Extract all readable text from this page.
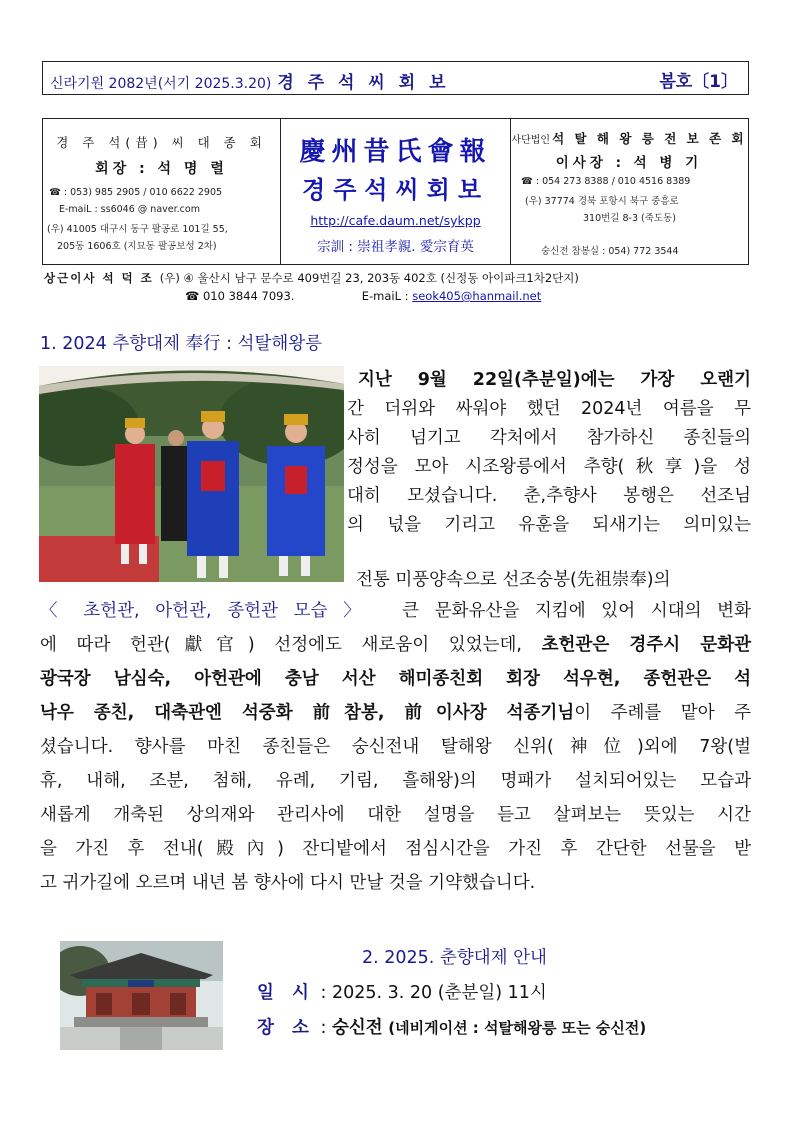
신라기원 2082년(서기 2025.3.20) 경 주 석 씨 회 보	봄호〔1〕
경 주 석(昔) 씨 대 종 회
회장 : 석 명 렬
☎ : 053) 985 2905 / 010 6622 2905
E-maiL : ss6046 @ naver.com
(우) 41005 대구시 동구 팔공로 101길 55,
205동 1606호 (지묘동 팔공보성 2차)
慶州昔氏會報
경주석씨회보
http://cafe.daum.net/sykpp
宗訓 : 崇祖孝親. 愛宗育英
사단법인 석 탈 해 왕 릉 전 보 존 회
이사장 : 석 병 기
☎ : 054 273 8388 / 010 4516 8389
(우) 37774 경북 포항시 북구 중흥로
310번길 8-3 (죽도동)
숭신전 참봉실 : 054) 772 3544
상근이사 석 덕 조 (우) ④ 울산시 남구 문수로 409번길 23, 203동 402호 (신정동 아이파크1차2단지)
☎ 010 3844 7093.	E-maiL : seok405@hanmail.net
1. 2024 추향대제 奉行 : 석탈해왕릉
지난 9월 22일(추분일)에는 가장 오랜기
간 더위와 싸워야 했던 2024년 여름을 무
사히 넘기고 각처에서 참가하신 종친들의
정성을 모아 시조왕릉에서 추향(秋享)을 성
대히 모셨습니다. 춘,추향사 봉행은 선조님
의 넋을 기리고 유훈을 되새기는 의미있는
전통 미풍양속으로 선조숭봉(先祖崇奉)의
〈 초헌관, 아헌관, 종헌관 모습 〉 큰 문화유산을 지킴에 있어 시대의 변화
에 따라 헌관(獻官) 선정에도 새로움이 있었는데, 초헌관은 경주시 문화관
광국장 남심숙, 아헌관에 충남 서산 해미종친회 회장 석우현, 종헌관은 석
낙우 종친, 대축관엔 석중화 前참봉, 前이사장 석종기님이 주례를 맡아 주
셨습니다. 향사를 마친 종친들은 숭신전내 탈해왕 신위(神位)외에 7왕(벌
휴, 내해, 조분, 첨해, 유례, 기림, 흘해왕)의 명패가 설치되어있는 모습과
새롭게 개축된 상의재와 관리사에 대한 설명을 듣고 살펴보는 뜻있는 시간
을 가진 후 전내(殿內) 잔디밭에서 점심시간을 가진 후 간단한 선물을 받
고 귀가길에 오르며 내년 봄 향사에 다시 만날 것을 기약했습니다.
2. 2025. 춘향대제 안내
일 시 : 2025. 3. 20 (춘분일) 11시
장 소 : 숭신전 (네비게이션 : 석탈해왕릉 또는 숭신전)
